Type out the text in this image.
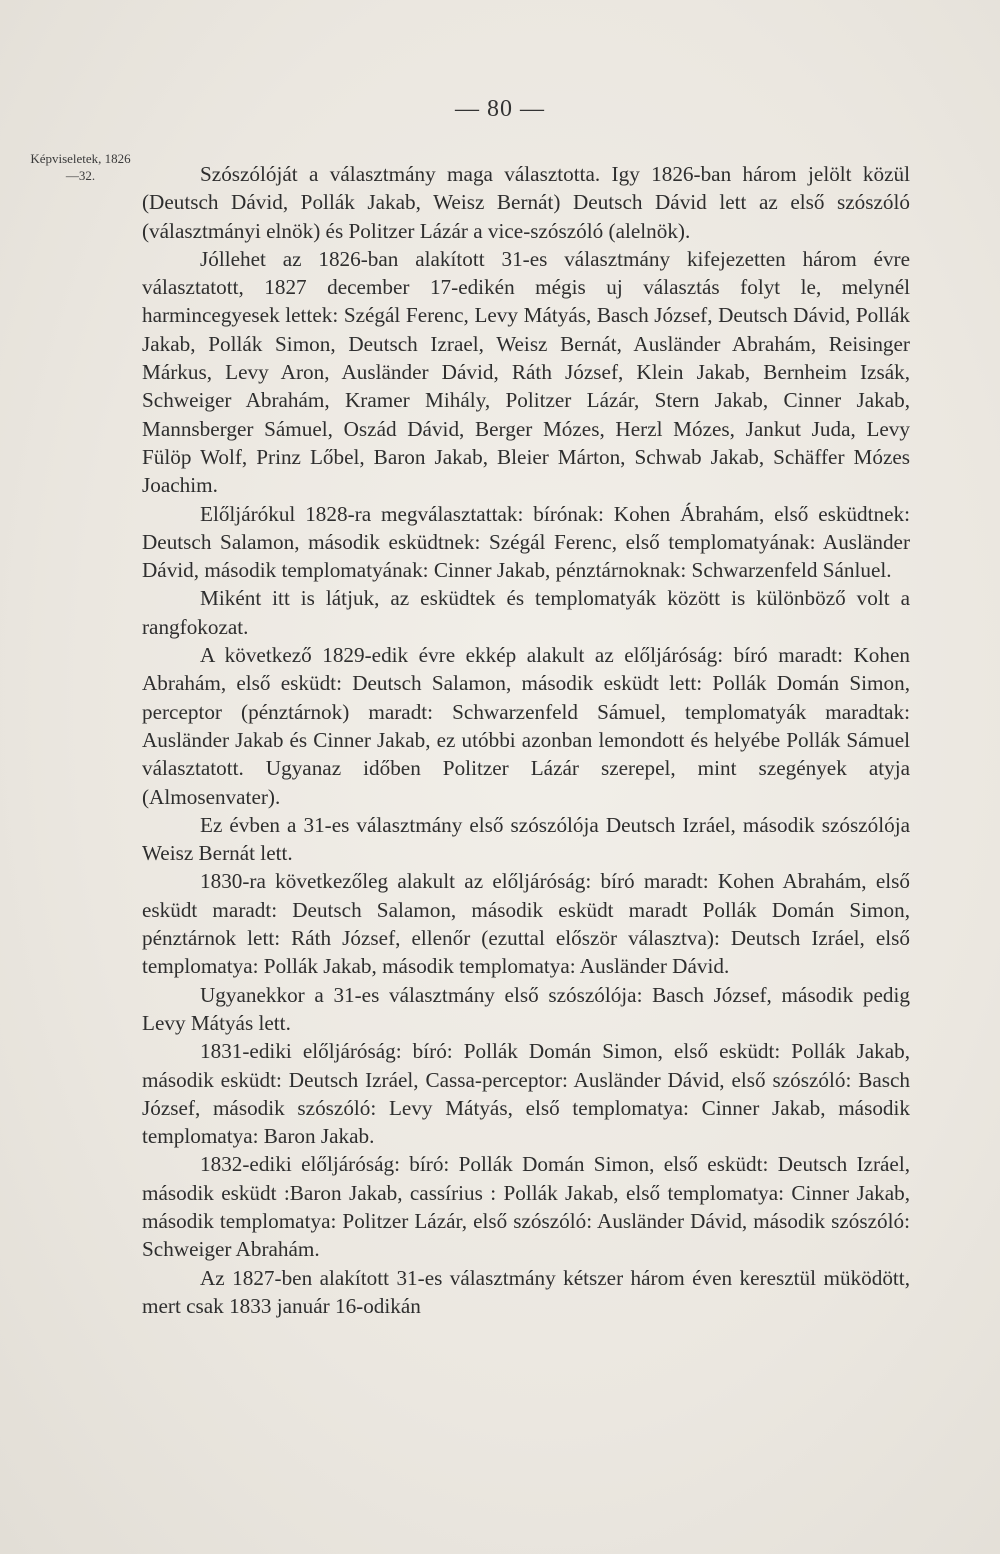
— 80 —
Képviseletek, 1826—32.	Szószólóját a választmány maga választotta. Igy 1826-ban három jelölt közül (Deutsch Dávid, Pollák Jakab, Weisz Bernát) Deutsch Dávid lett az első szószóló (választmányi elnök) és Politzer Lázár a vice-szószóló (alelnök).

Jóllehet az 1826-ban alakított 31-es választmány kifejezetten három évre választatott, 1827 december 17-edikén mégis uj választás folyt le, melynél harmincegyesek lettek: Szégál Ferenc, Levy Mátyás, Basch József, Deutsch Dávid, Pollák Jakab, Pollák Simon, Deutsch Izrael, Weisz Bernát, Ausländer Abrahám, Reisinger Márkus, Levy Aron, Ausländer Dávid, Ráth József, Klein Jakab, Bernheim Izsák, Schweiger Abrahám, Kramer Mihály, Politzer Lázár, Stern Jakab, Cinner Jakab, Mannsberger Sámuel, Oszád Dávid, Berger Mózes, Herzl Mózes, Jankut Juda, Levy Fülöp Wolf, Prinz Lőbel, Baron Jakab, Bleier Márton, Schwab Jakab, Schäffer Mózes Joachim.

Előljárókul 1828-ra megválasztattak: bírónak: Kohen Ábrahám, első esküdtnek: Deutsch Salamon, második esküdtnek: Szégál Ferenc, első templomatyának: Ausländer Dávid, második templomatyának: Cinner Jakab, pénztárnoknak: Schwarzenfeld Sánluel.

Miként itt is látjuk, az esküdtek és templomatyák között is különböző volt a rangfokozat.

A következő 1829-edik évre ekkép alakult az előljáróság: bíró maradt: Kohen Abrahám, első esküdt: Deutsch Salamon, második esküdt lett: Pollák Domán Simon, perceptor (pénztárnok) maradt: Schwarzenfeld Sámuel, templomatyák maradtak: Ausländer Jakab és Cinner Jakab, ez utóbbi azonban lemondott és helyébe Pollák Sámuel választatott. Ugyanaz időben Politzer Lázár szerepel, mint szegények atyja (Almosenvater).

Ez évben a 31-es választmány első szószólója Deutsch Izráel, második szószólója Weisz Bernát lett.

1830-ra következőleg alakult az előljáróság: bíró maradt: Kohen Abrahám, első esküdt maradt: Deutsch Salamon, második esküdt maradt Pollák Domán Simon, pénztárnok lett: Ráth József, ellenőr (ezuttal először választva): Deutsch Izráel, első templomatya: Pollák Jakab, második templomatya: Ausländer Dávid.

Ugyanekkor a 31-es választmány első szószólója: Basch József, második pedig Levy Mátyás lett.

1831-ediki előljáróság: bíró: Pollák Domán Simon, első esküdt: Pollák Jakab, második esküdt: Deutsch Izráel, Cassa-perceptor: Ausländer Dávid, első szószóló: Basch József, második szószóló: Levy Mátyás, első templomatya: Cinner Jakab, második templomatya: Baron Jakab.

1832-ediki előljáróság: bíró: Pollák Domán Simon, első esküdt: Deutsch Izráel, második esküdt :Baron Jakab, cassírius : Pollák Jakab, első templomatya: Cinner Jakab, második templomatya: Politzer Lázár, első szószóló: Ausländer Dávid, második szószóló: Schweiger Abrahám.

Az 1827-ben alakított 31-es választmány kétszer három éven keresztül müködött, mert csak 1833 január 16-odikán
